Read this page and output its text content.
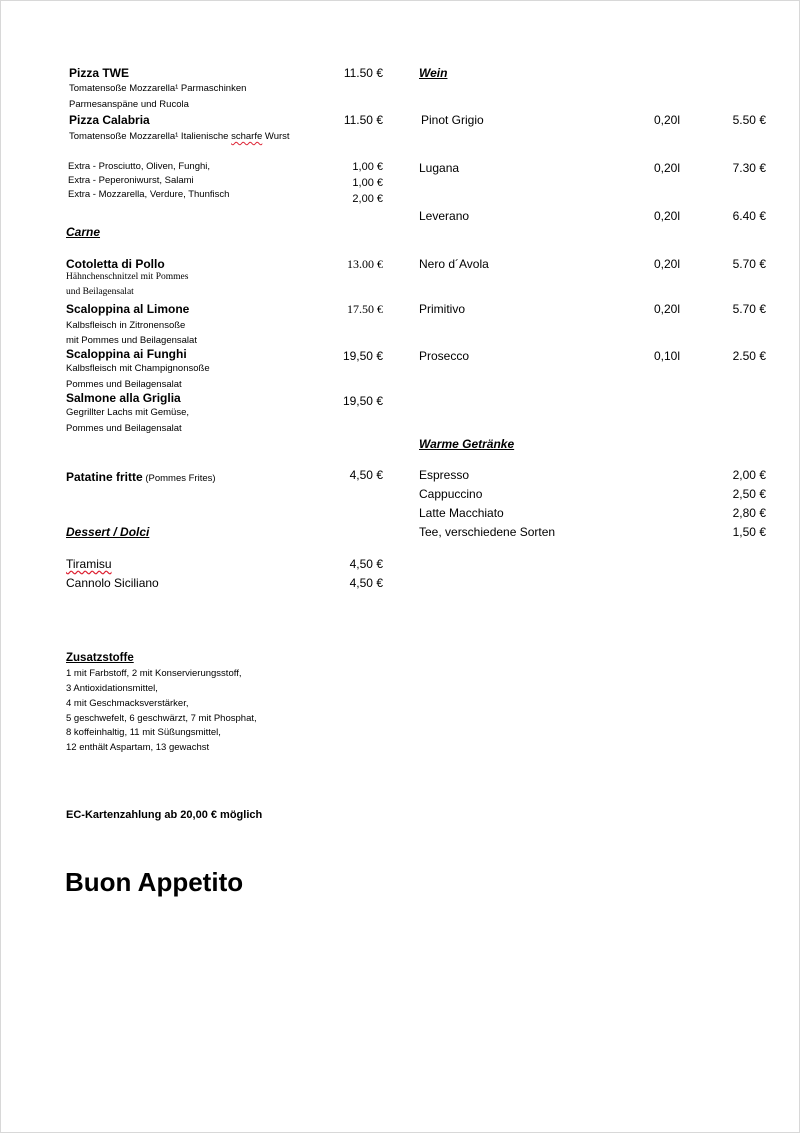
Pizza TWE	11.50 €
Tomatensoße Mozzarella¹ Parmaschinken
Parmesanspäne und Rucola
Pizza Calabria	11.50 €
Tomatensoße Mozzarella¹ Italienische scharfe Wurst
Extra - Prosciutto, Oliven, Funghi,	1,00 €
Extra - Peperoniwurst, Salami	1,00 €
Extra - Mozzarella, Verdure, Thunfisch	2,00 €
Carne
Cotoletta di Pollo	13.00 €
Hähnchenschnitzel mit Pommes
und Beilagensalat
Scaloppina al Limone	17.50 €
Kalbsfleisch in Zitronensoße
mit Pommes und Beilagensalat
Scaloppina ai Funghi	19,50 €
Kalbsfleisch mit Champignonsoße
Pommes und Beilagensalat
Salmone alla Griglia	19,50 €
Gegrillter Lachs mit Gemüse,
Pommes und Beilagensalat
Patatine fritte (Pommes Frites)	4,50 €
Dessert / Dolci
Tiramisu	4,50 €
Cannolo Siciliano	4,50 €
Zusatzstoffe
1 mit Farbstoff, 2 mit Konservierungsstoff,
3 Antioxidationsmittel,
4 mit Geschmacksverstärker,
5 geschwefelt, 6 geschwärzt, 7 mit Phosphat,
8 koffeinhaltig, 11 mit Süßungsmittel,
12 enthält Aspartam, 13 gewachst
EC-Kartenzahlung ab 20,00 € möglich
Buon Appetito
Wein
Pinot Grigio	0,20l	5.50 €
Lugana	0,20l	7.30 €
Leverano	0,20l	6.40 €
Nero d´Avola	0,20l	5.70 €
Primitivo	0,20l	5.70 €
Prosecco	0,10l	2.50 €
Warme Getränke
Espresso	2,00 €
Cappuccino	2,50 €
Latte Macchiato	2,80 €
Tee, verschiedene Sorten	1,50 €
